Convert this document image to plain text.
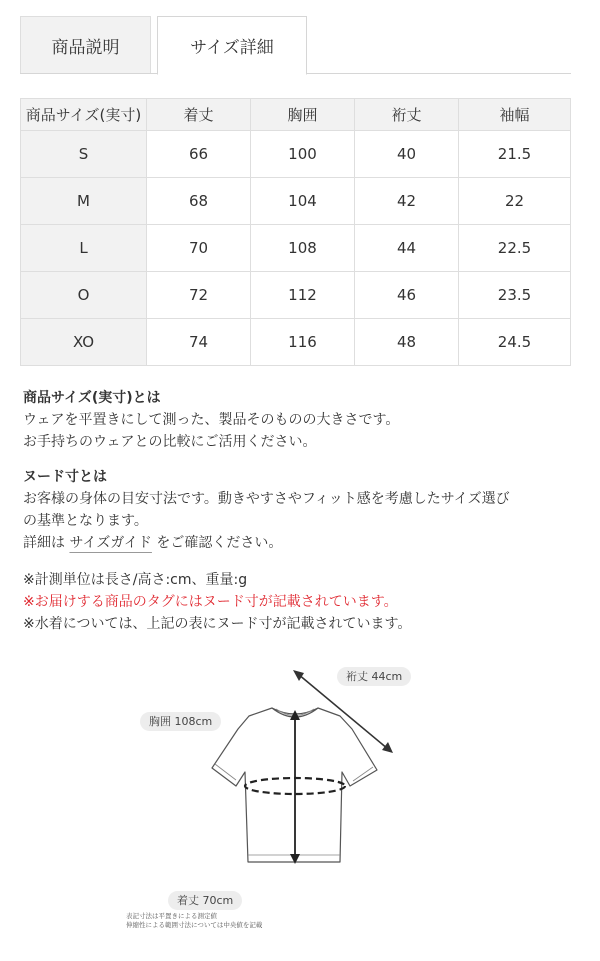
商品説明	サイズ詳細
商品サイズ(実寸)	着丈	胸囲	裄丈	袖幅
S	66	100	40	21.5
M	68	104	42	22
L	70	108	44	22.5
O	72	112	46	23.5
XO	74	116	48	24.5

商品サイズ(実寸)とは

ウェアを平置きにして測った、製品そのものの大きさです。

お手持ちのウェアとの比較にご活用ください。

ヌード寸とは

お客様の身体の目安寸法です。動きやすさやフィット感を考慮したサイズ選び

の基準となります。

詳細は サイズガイド をご確認ください。

※計測単位は長さ/高さ:cm、重量:g

※お届けする商品のタグにはヌード寸が記載されています。

※水着については、上記の表にヌード寸が記載されています。

裄丈 44cm
胸囲 108cm
着丈 70cm
表記寸法は平置きによる測定値
伸縮性による範囲寸法については中央値を記載
